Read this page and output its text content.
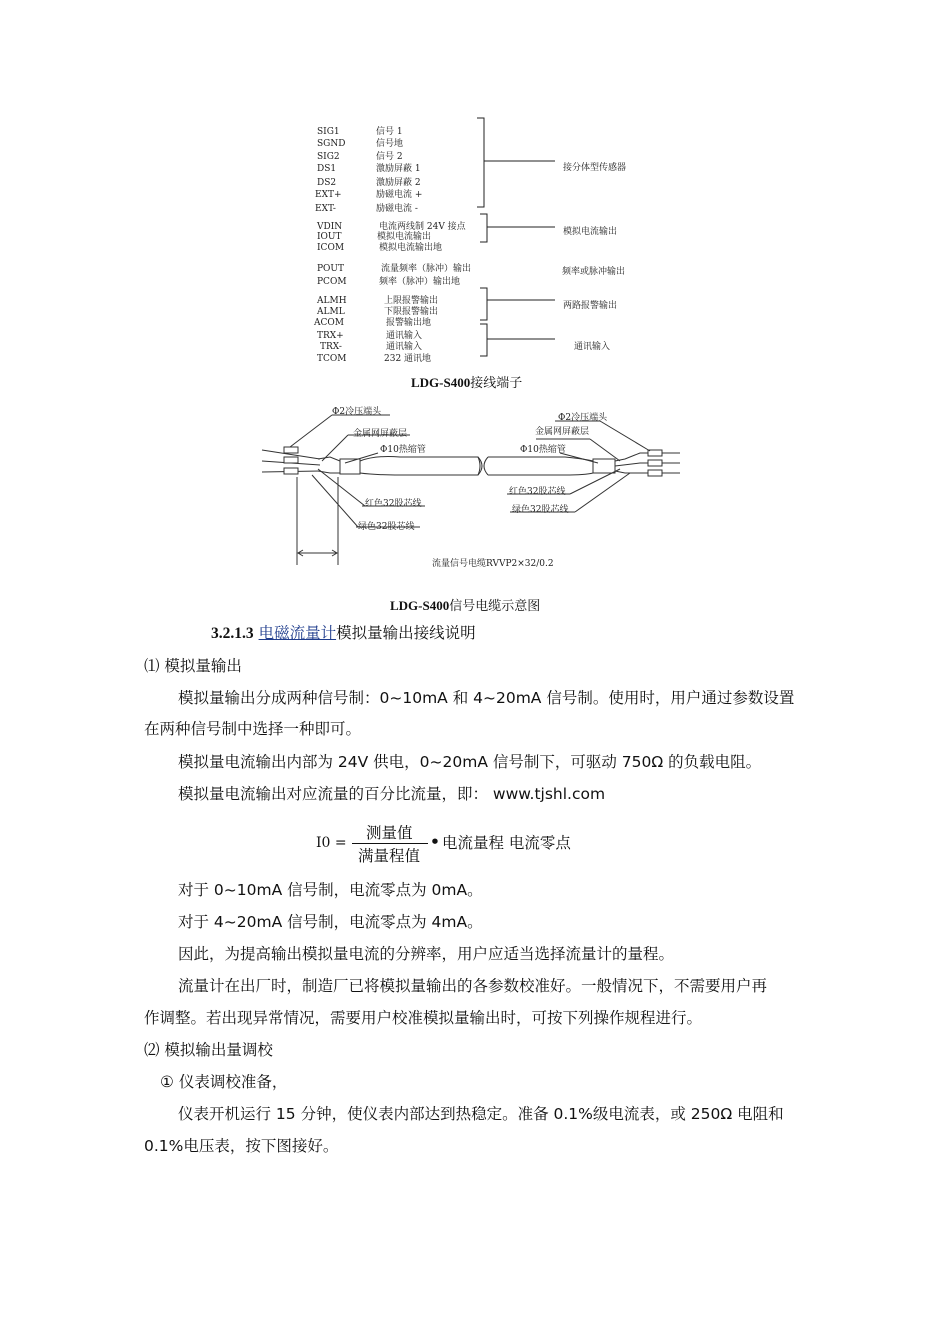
SIG1
SGND
SIG2
DS1
DS2
EXT+
EXT-
VDIN
IOUT
ICOM
POUT
PCOM
ALMH
ALML
ACOM
TRX+
TRX-
TCOM
信号 1
信号地
信号 2
激励屏蔽 1
激励屏蔽 2
励磁电流 +
励磁电流 -
电流两线制 24V 接点
模拟电流输出
模拟电流输出地
流量频率（脉冲）输出
频率（脉冲）输出地
上限报警输出
下限报警输出
报警输出地
通讯输入
通讯输入
232 通讯地
接分体型传感器
模拟电流输出
频率或脉冲输出
两路报警输出
通讯输入
LDG-S400接线端子
Φ2冷压端头
金属网屏蔽层
Φ10热缩管
红色32股芯线
绿色32股芯线
Φ2冷压端头
金属网屏蔽层
Φ10热缩管
红色32股芯线
绿色32股芯线
流量信号电缆RVVP2×32/0.2
LDG-S400信号电缆示意图
3.2.1.3 电磁流量计模拟量输出接线说明
⑴ 模拟量输出
模拟量输出分成两种信号制：0~10mA 和 4~20mA 信号制。使用时，用户通过参数设置
在两种信号制中选择一种即可。
模拟量电流输出内部为 24V 供电，0~20mA 信号制下，可驱动 750Ω 的负载电阻。
模拟量电流输出对应流量的百分比流量，即： www.tjshl.com
I0 =
测量值
满量程值
• 电流量程 电流零点
对于 0~10mA 信号制，电流零点为 0mA。
对于 4~20mA 信号制，电流零点为 4mA。
因此，为提高输出模拟量电流的分辨率，用户应适当选择流量计的量程。
流量计在出厂时，制造厂已将模拟量输出的各参数校准好。一般情况下，不需要用户再
作调整。若出现异常情况，需要用户校准模拟量输出时，可按下列操作规程进行。
⑵ 模拟输出量调校
① 仪表调校准备，
仪表开机运行 15 分钟，使仪表内部达到热稳定。准备 0.1%级电流表，或 250Ω 电阻和
0.1%电压表，按下图接好。
